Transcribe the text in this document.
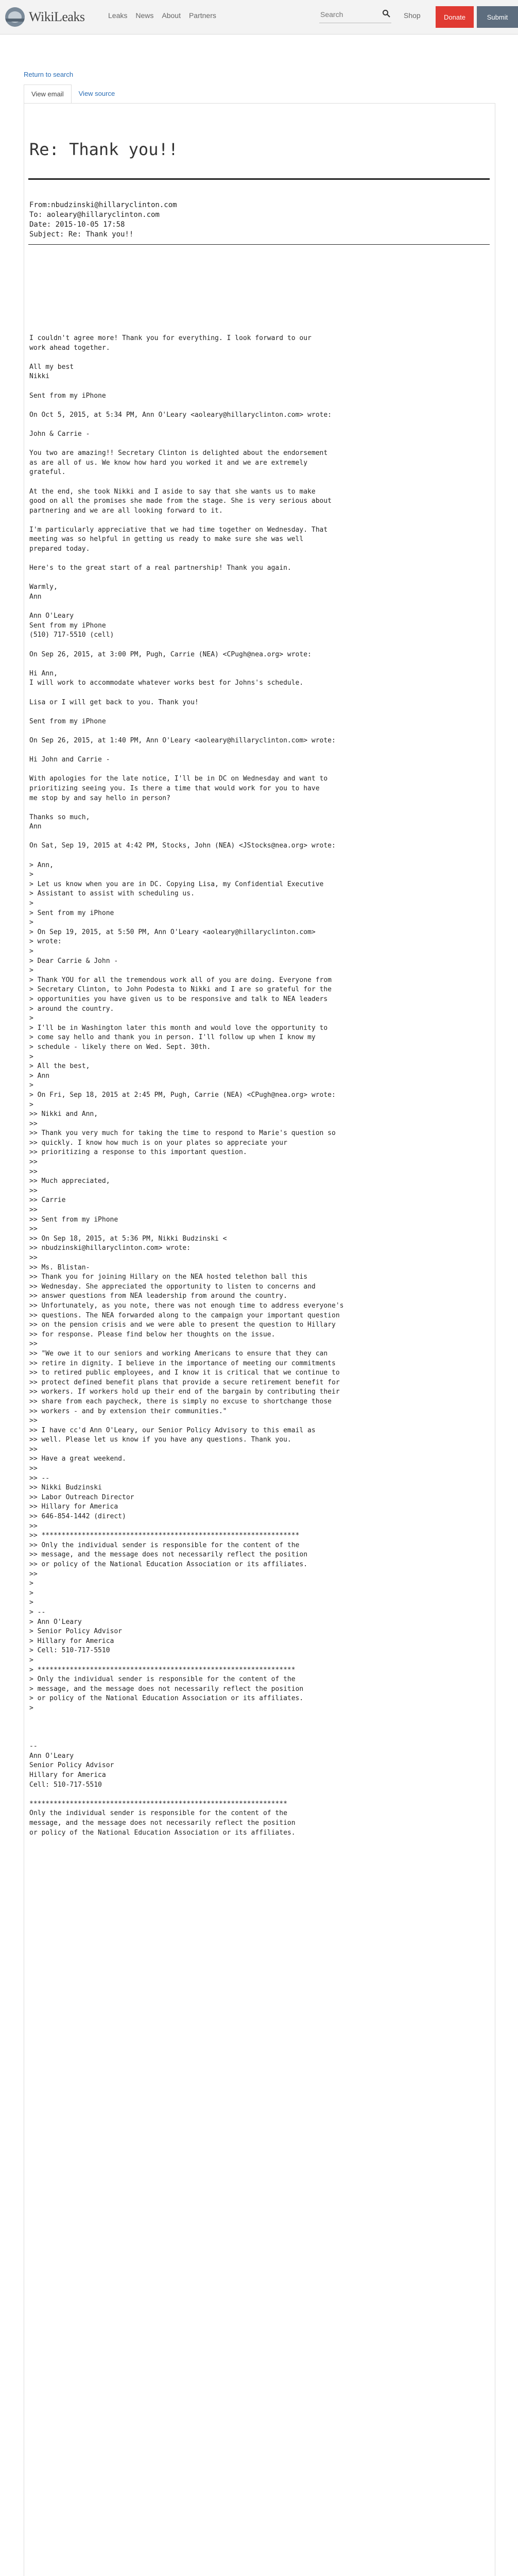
WikiLeaks	Leaks News About Partners
Search	Shop	Donate	Submit
Return to search
View email	View source
Re: Thank you!!
From:nbudzinski@hillaryclinton.com
To: aoleary@hillaryclinton.com
Date: 2015-10-05 17:58
Subject: Re: Thank you!!
I couldn't agree more! Thank you for everything. I look forward to our
work ahead together.

All my best
Nikki

Sent from my iPhone

On Oct 5, 2015, at 5:34 PM, Ann O'Leary <aoleary@hillaryclinton.com> wrote:

John & Carrie -

You two are amazing!! Secretary Clinton is delighted about the endorsement
as are all of us. We know how hard you worked it and we are extremely
grateful.

At the end, she took Nikki and I aside to say that she wants us to make
good on all the promises she made from the stage. She is very serious about
partnering and we are all looking forward to it.

I'm particularly appreciative that we had time together on Wednesday. That
meeting was so helpful in getting us ready to make sure she was well
prepared today.

Here's to the great start of a real partnership! Thank you again.

Warmly,
Ann

Ann O'Leary
Sent from my iPhone
(510) 717-5510 (cell)

On Sep 26, 2015, at 3:00 PM, Pugh, Carrie (NEA) <CPugh@nea.org> wrote:

Hi Ann,
I will work to accommodate whatever works best for Johns's schedule.

Lisa or I will get back to you. Thank you!

Sent from my iPhone

On Sep 26, 2015, at 1:40 PM, Ann O'Leary <aoleary@hillaryclinton.com> wrote:

Hi John and Carrie -

With apologies for the late notice, I'll be in DC on Wednesday and want to
prioritizing seeing you. Is there a time that would work for you to have
me stop by and say hello in person?

Thanks so much,
Ann

On Sat, Sep 19, 2015 at 4:42 PM, Stocks, John (NEA) <JStocks@nea.org> wrote:

> Ann,
>
> Let us know when you are in DC. Copying Lisa, my Confidential Executive
> Assistant to assist with scheduling us.
>
> Sent from my iPhone
>
> On Sep 19, 2015, at 5:50 PM, Ann O'Leary <aoleary@hillaryclinton.com>
> wrote:
>
> Dear Carrie & John -
>
> Thank YOU for all the tremendous work all of you are doing. Everyone from
> Secretary Clinton, to John Podesta to Nikki and I are so grateful for the
> opportunities you have given us to be responsive and talk to NEA leaders
> around the country.
>
> I'll be in Washington later this month and would love the opportunity to
> come say hello and thank you in person. I'll follow up when I know my
> schedule - likely there on Wed. Sept. 30th.
>
> All the best,
> Ann
>
> On Fri, Sep 18, 2015 at 2:45 PM, Pugh, Carrie (NEA) <CPugh@nea.org> wrote:
>
>> Nikki and Ann,
>>
>> Thank you very much for taking the time to respond to Marie's question so
>> quickly. I know how much is on your plates so appreciate your
>> prioritizing a response to this important question.
>>
>>
>> Much appreciated,
>>
>> Carrie
>>
>> Sent from my iPhone
>>
>> On Sep 18, 2015, at 5:36 PM, Nikki Budzinski <
>> nbudzinski@hillaryclinton.com> wrote:
>>
>> Ms. Blistan-
>> Thank you for joining Hillary on the NEA hosted telethon ball this
>> Wednesday. She appreciated the opportunity to listen to concerns and
>> answer questions from NEA leadership from around the country.
>> Unfortunately, as you note, there was not enough time to address everyone's
>> questions. The NEA forwarded along to the campaign your important question
>> on the pension crisis and we were able to present the question to Hillary
>> for response. Please find below her thoughts on the issue.
>>
>> "We owe it to our seniors and working Americans to ensure that they can
>> retire in dignity. I believe in the importance of meeting our commitments
>> to retired public employees, and I know it is critical that we continue to
>> protect defined benefit plans that provide a secure retirement benefit for
>> workers. If workers hold up their end of the bargain by contributing their
>> share from each paycheck, there is simply no excuse to shortchange those
>> workers - and by extension their communities."
>>
>> I have cc'd Ann O'Leary, our Senior Policy Advisory to this email as
>> well. Please let us know if you have any questions. Thank you.
>>
>> Have a great weekend.
>>
>> --
>> Nikki Budzinski
>> Labor Outreach Director
>> Hillary for America
>> 646-854-1442 (direct)
>>
>> ****************************************************************
>> Only the individual sender is responsible for the content of the
>> message, and the message does not necessarily reflect the position
>> or policy of the National Education Association or its affiliates.
>>
>
>
>
> --
> Ann O'Leary
> Senior Policy Advisor
> Hillary for America
> Cell: 510-717-5510
>
> ****************************************************************
> Only the individual sender is responsible for the content of the
> message, and the message does not necessarily reflect the position
> or policy of the National Education Association or its affiliates.
>

--
Ann O'Leary
Senior Policy Advisor
Hillary for America
Cell: 510-717-5510

****************************************************************
Only the individual sender is responsible for the content of the
message, and the message does not necessarily reflect the position
or policy of the National Education Association or its affiliates.
